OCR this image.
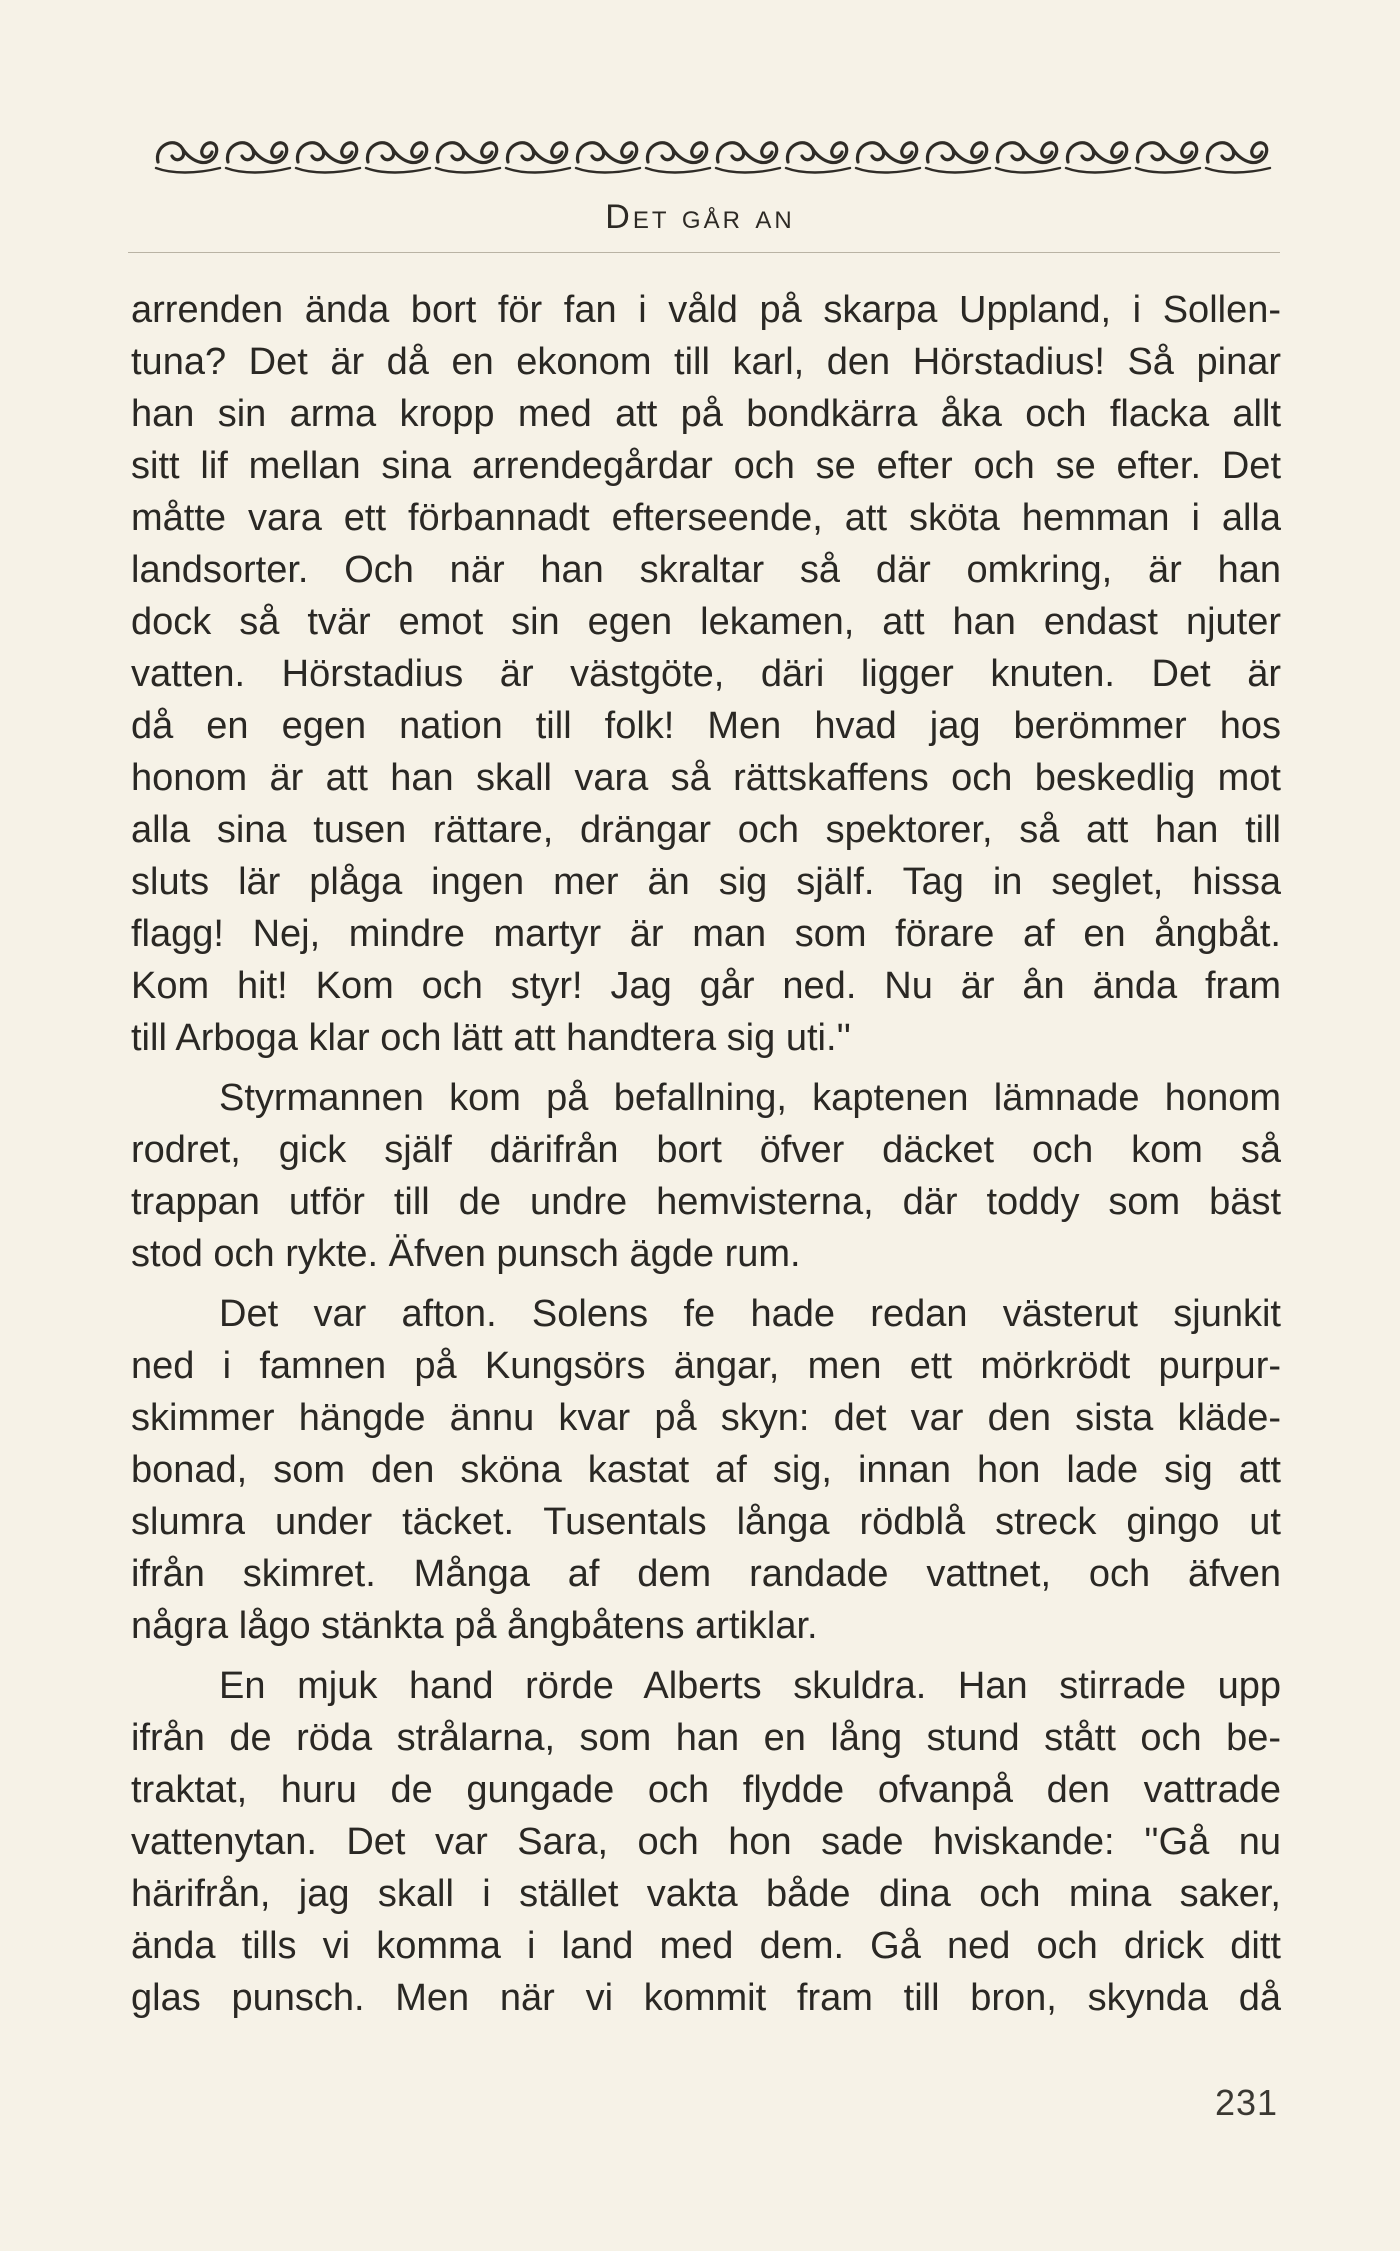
Det går an
arrenden ända bort för fan i våld på skarpa Uppland, i Sollen-
tuna? Det är då en ekonom till karl, den Hörstadius! Så pinar
han sin arma kropp med att på bondkärra åka och flacka allt
sitt lif mellan sina arrendegårdar och se efter och se efter. Det
måtte vara ett förbannadt efterseende, att sköta hemman i alla
landsorter. Och när han skraltar så där omkring, är han
dock så tvär emot sin egen lekamen, att han endast njuter
vatten. Hörstadius är västgöte, däri ligger knuten. Det är
då en egen nation till folk! Men hvad jag berömmer hos
honom är att han skall vara så rättskaffens och beskedlig mot
alla sina tusen rättare, drängar och spektorer, så att han till
sluts lär plåga ingen mer än sig själf. Tag in seglet, hissa
flagg! Nej, mindre martyr är man som förare af en ångbåt.
Kom hit! Kom och styr! Jag går ned. Nu är ån ända fram
till Arboga klar och lätt att handtera sig uti.''
Styrmannen kom på befallning, kaptenen lämnade honom
rodret, gick själf därifrån bort öfver däcket och kom så
trappan utför till de undre hemvisterna, där toddy som bäst
stod och rykte. Äfven punsch ägde rum.
Det var afton. Solens fe hade redan västerut sjunkit
ned i famnen på Kungsörs ängar, men ett mörkrödt purpur-
skimmer hängde ännu kvar på skyn: det var den sista kläde-
bonad, som den sköna kastat af sig, innan hon lade sig att
slumra under täcket. Tusentals långa rödblå streck gingo ut
ifrån skimret. Många af dem randade vattnet, och äfven
några lågo stänkta på ångbåtens artiklar.
En mjuk hand rörde Alberts skuldra. Han stirrade upp
ifrån de röda strålarna, som han en lång stund stått och be-
traktat, huru de gungade och flydde ofvanpå den vattrade
vattenytan. Det var Sara, och hon sade hviskande: ''Gå nu
härifrån, jag skall i stället vakta både dina och mina saker,
ända tills vi komma i land med dem. Gå ned och drick ditt
glas punsch. Men när vi kommit fram till bron, skynda då
231
